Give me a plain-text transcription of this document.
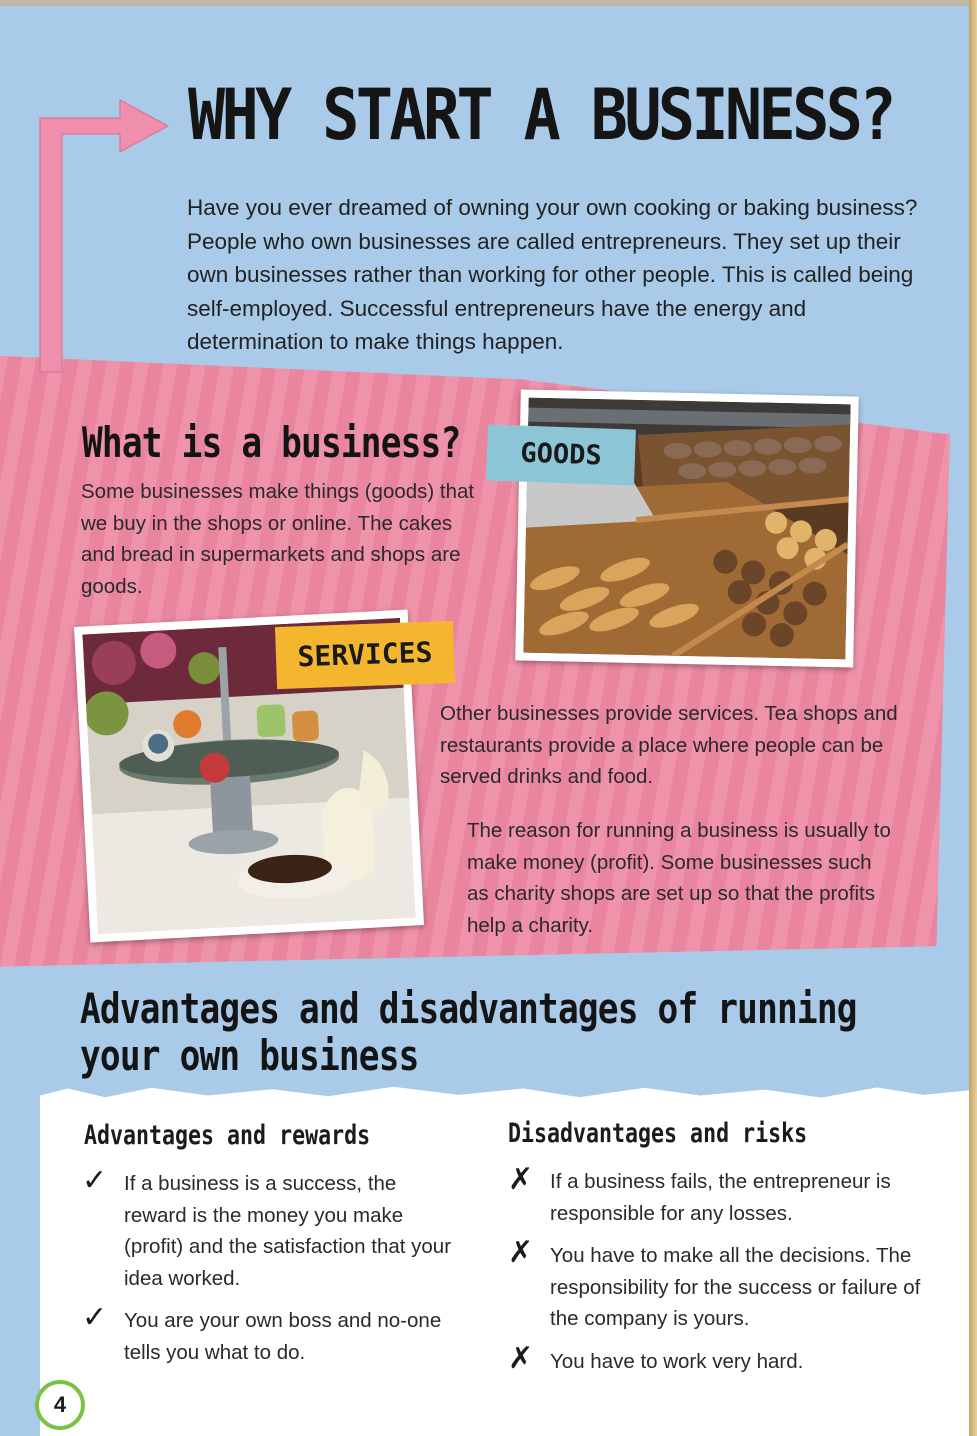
WHY START A BUSINESS?

Have you ever dreamed of owning your own cooking or baking business? People who own businesses are called entrepreneurs. They set up their own businesses rather than working for other people. This is called being self-employed. Successful entrepreneurs have the energy and determination to make things happen.

What is a business?

Some businesses make things (goods) that we buy in the shops or online. The cakes and bread in supermarkets and shops are goods.

GOODS
SERVICES

Other businesses provide services. Tea shops and restaurants provide a place where people can be served drinks and food.

The reason for running a business is usually to make money (profit). Some businesses such as charity shops are set up so that the profits help a charity.

Advantages and disadvantages of running
your own business
Advantages and rewards
✓ If a business is a success, the reward is the money you make (profit) and the satisfaction that your idea worked.

✓ You are your own boss and no-one tells you what to do.

Disadvantages and risks
✗ If a business fails, the entrepreneur is responsible for any losses.

✗ You have to make all the decisions. The responsibility for the success or failure of the company is yours.

✗ You have to work very hard.

4
